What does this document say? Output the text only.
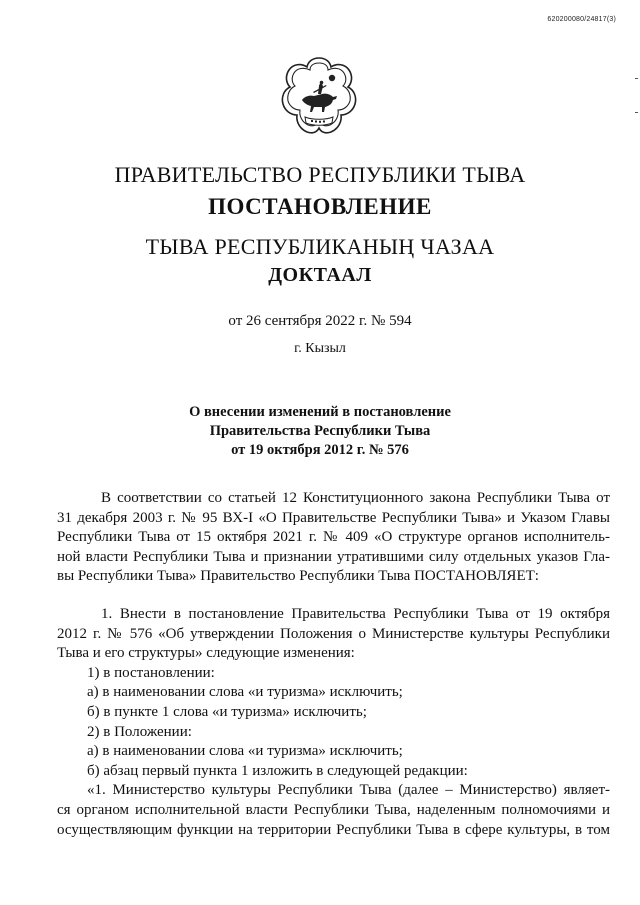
620200080/24817(3)
ПРАВИТЕЛЬСТВО РЕСПУБЛИКИ ТЫВА
ПОСТАНОВЛЕНИЕ
ТЫВА РЕСПУБЛИКАНЫҢ ЧАЗАА
ДОКТААЛ
от 26 сентября 2022 г. № 594
г. Кызыл
О внесении изменений в постановление
Правительства Республики Тыва
от 19 октября 2012 г. № 576
В соответствии со статьей 12 Конституционного закона Республики Тыва от
31 декабря 2003 г. № 95 ВХ-I «О Правительстве Республики Тыва» и Указом Главы
Республики Тыва от 15 октября 2021 г. № 409 «О структуре органов исполнитель-
ной власти Республики Тыва и признании утратившими силу отдельных указов Гла-
вы Республики Тыва» Правительство Республики Тыва ПОСТАНОВЛЯЕТ:
1. Внести в постановление Правительства Республики Тыва от 19 октября
2012 г. № 576 «Об утверждении Положения о Министерстве культуры Республики
Тыва и его структуры» следующие изменения:

1) в постановлении:

а) в наименовании слова «и туризма» исключить;

б) в пункте 1 слова «и туризма» исключить;

2) в Положении:

а) в наименовании слова «и туризма» исключить;

б) абзац первый пункта 1 изложить в следующей редакции:

«1. Министерство культуры Республики Тыва (далее – Министерство) являет-
ся органом исполнительной власти Республики Тыва, наделенным полномочиями и
осуществляющим функции на территории Республики Тыва в сфере культуры, в том
